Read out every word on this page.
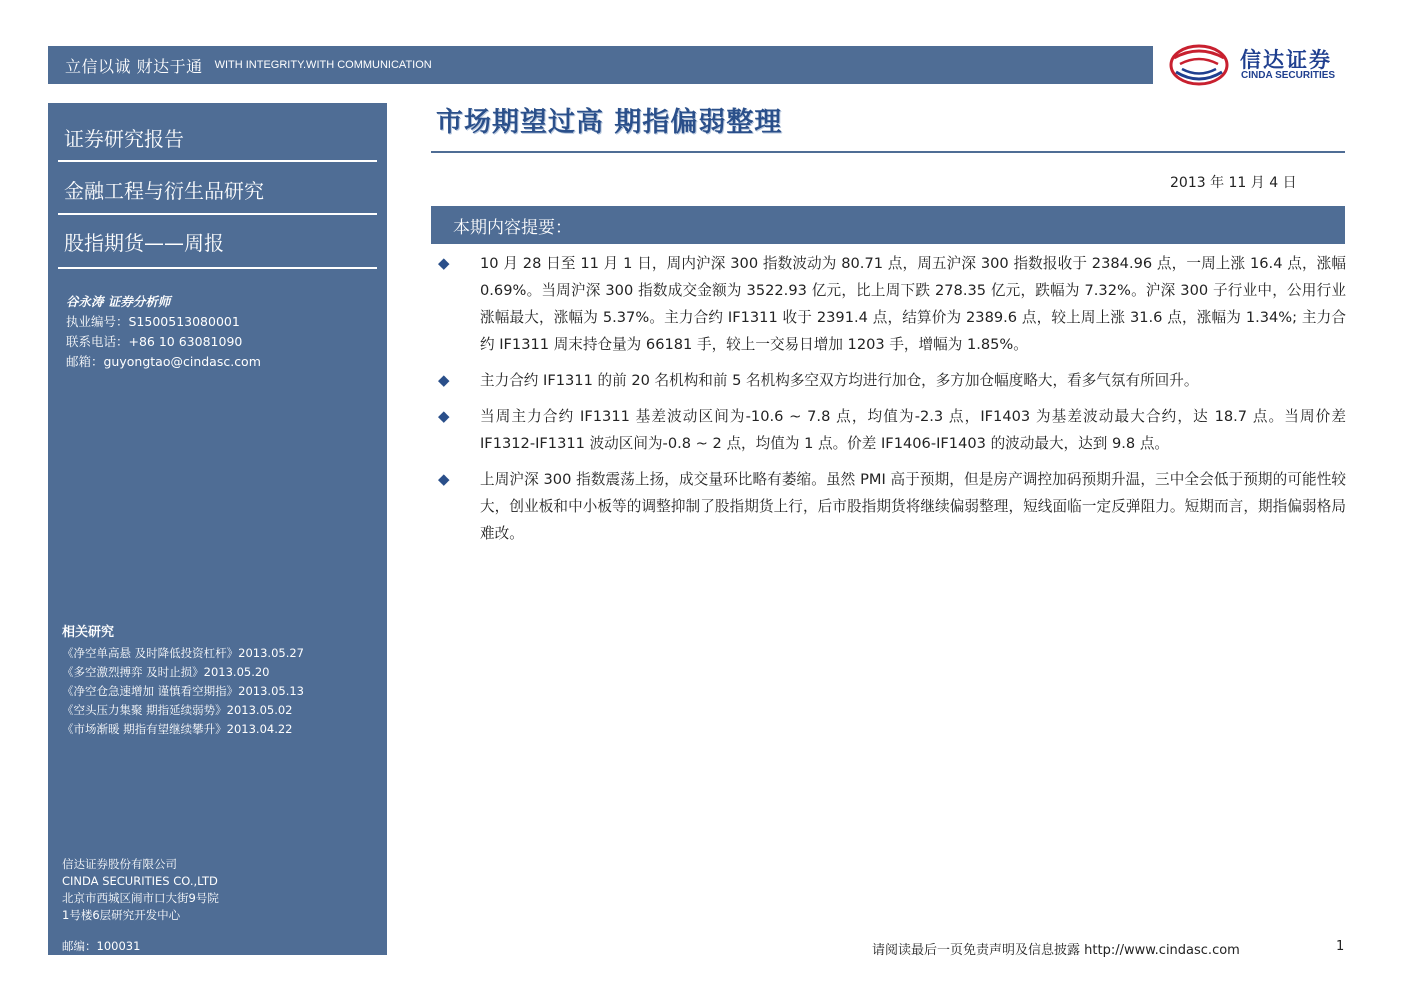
立信以诚 财达于通 WITH INTEGRITY.WITH COMMUNICATION	信达证券
CINDA SECURITIES
证券研究报告
金融工程与衍生品研究
股指期货——周报
谷永涛 证券分析师
执业编号：S1500513080001
联系电话：+86 10 63081090
邮箱：guyongtao@cindasc.com
相关研究
《净空单高悬 及时降低投资杠杆》2013.05.27
《多空激烈搏弈 及时止损》2013.05.20
《净空仓急速增加 谨慎看空期指》2013.05.13
《空头压力集聚 期指延续弱势》2013.05.02
《市场渐暖 期指有望继续攀升》2013.04.22
信达证券股份有限公司
CINDA SECURITIES CO.,LTD
北京市西城区闹市口大街9号院
1号楼6层研究开发中心
邮编：100031
市场期望过高 期指偏弱整理
2013 年 11 月 4 日
本期内容提要：
◆ 10 月 28 日至 11 月 1 日，周内沪深 300 指数波动为 80.71 点，周五沪深 300 指数报收于 2384.96 点，一周上涨 16.4 点，涨幅 0.69%。当周沪深 300 指数成交金额为 3522.93 亿元，比上周下跌 278.35 亿元，跌幅为 7.32%。沪深 300 子行业中，公用行业涨幅最大，涨幅为 5.37%。主力合约 IF1311 收于 2391.4 点，结算价为 2389.6 点，较上周上涨 31.6 点，涨幅为 1.34%; 主力合约 IF1311 周末持仓量为 66181 手，较上一交易日增加 1203 手，增幅为 1.85%。
◆ 主力合约 IF1311 的前 20 名机构和前 5 名机构多空双方均进行加仓，多方加仓幅度略大，看多气氛有所回升。
◆ 当周主力合约 IF1311 基差波动区间为-10.6 ~ 7.8 点，均值为-2.3 点，IF1403 为基差波动最大合约，达 18.7 点。当周价差 IF1312-IF1311 波动区间为-0.8 ~ 2 点，均值为 1 点。价差 IF1406-IF1403 的波动最大，达到 9.8 点。
◆ 上周沪深 300 指数震荡上扬，成交量环比略有萎缩。虽然 PMI 高于预期，但是房产调控加码预期升温，三中全会低于预期的可能性较大，创业板和中小板等的调整抑制了股指期货上行，后市股指期货将继续偏弱整理，短线面临一定反弹阻力。短期而言，期指偏弱格局难改。
请阅读最后一页免责声明及信息披露 http://www.cindasc.com	1
